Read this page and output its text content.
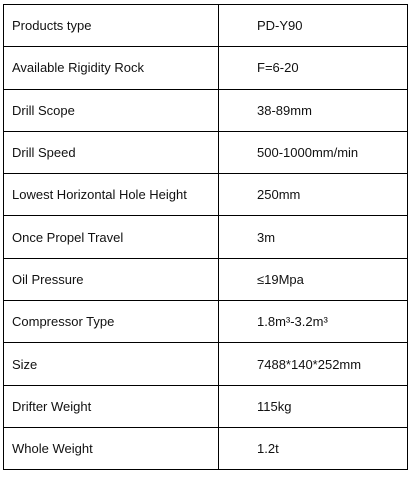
Products type	PD-Y90
Available Rigidity Rock	F=6-20
Drill Scope	38-89mm
Drill Speed	500-1000mm/min
Lowest Horizontal Hole Height	250mm
Once Propel Travel	3m
Oil Pressure	≤19Mpa
Compressor Type	1.8m³-3.2m³
Size	7488*140*252mm
Drifter Weight	115kg
Whole Weight	1.2t
